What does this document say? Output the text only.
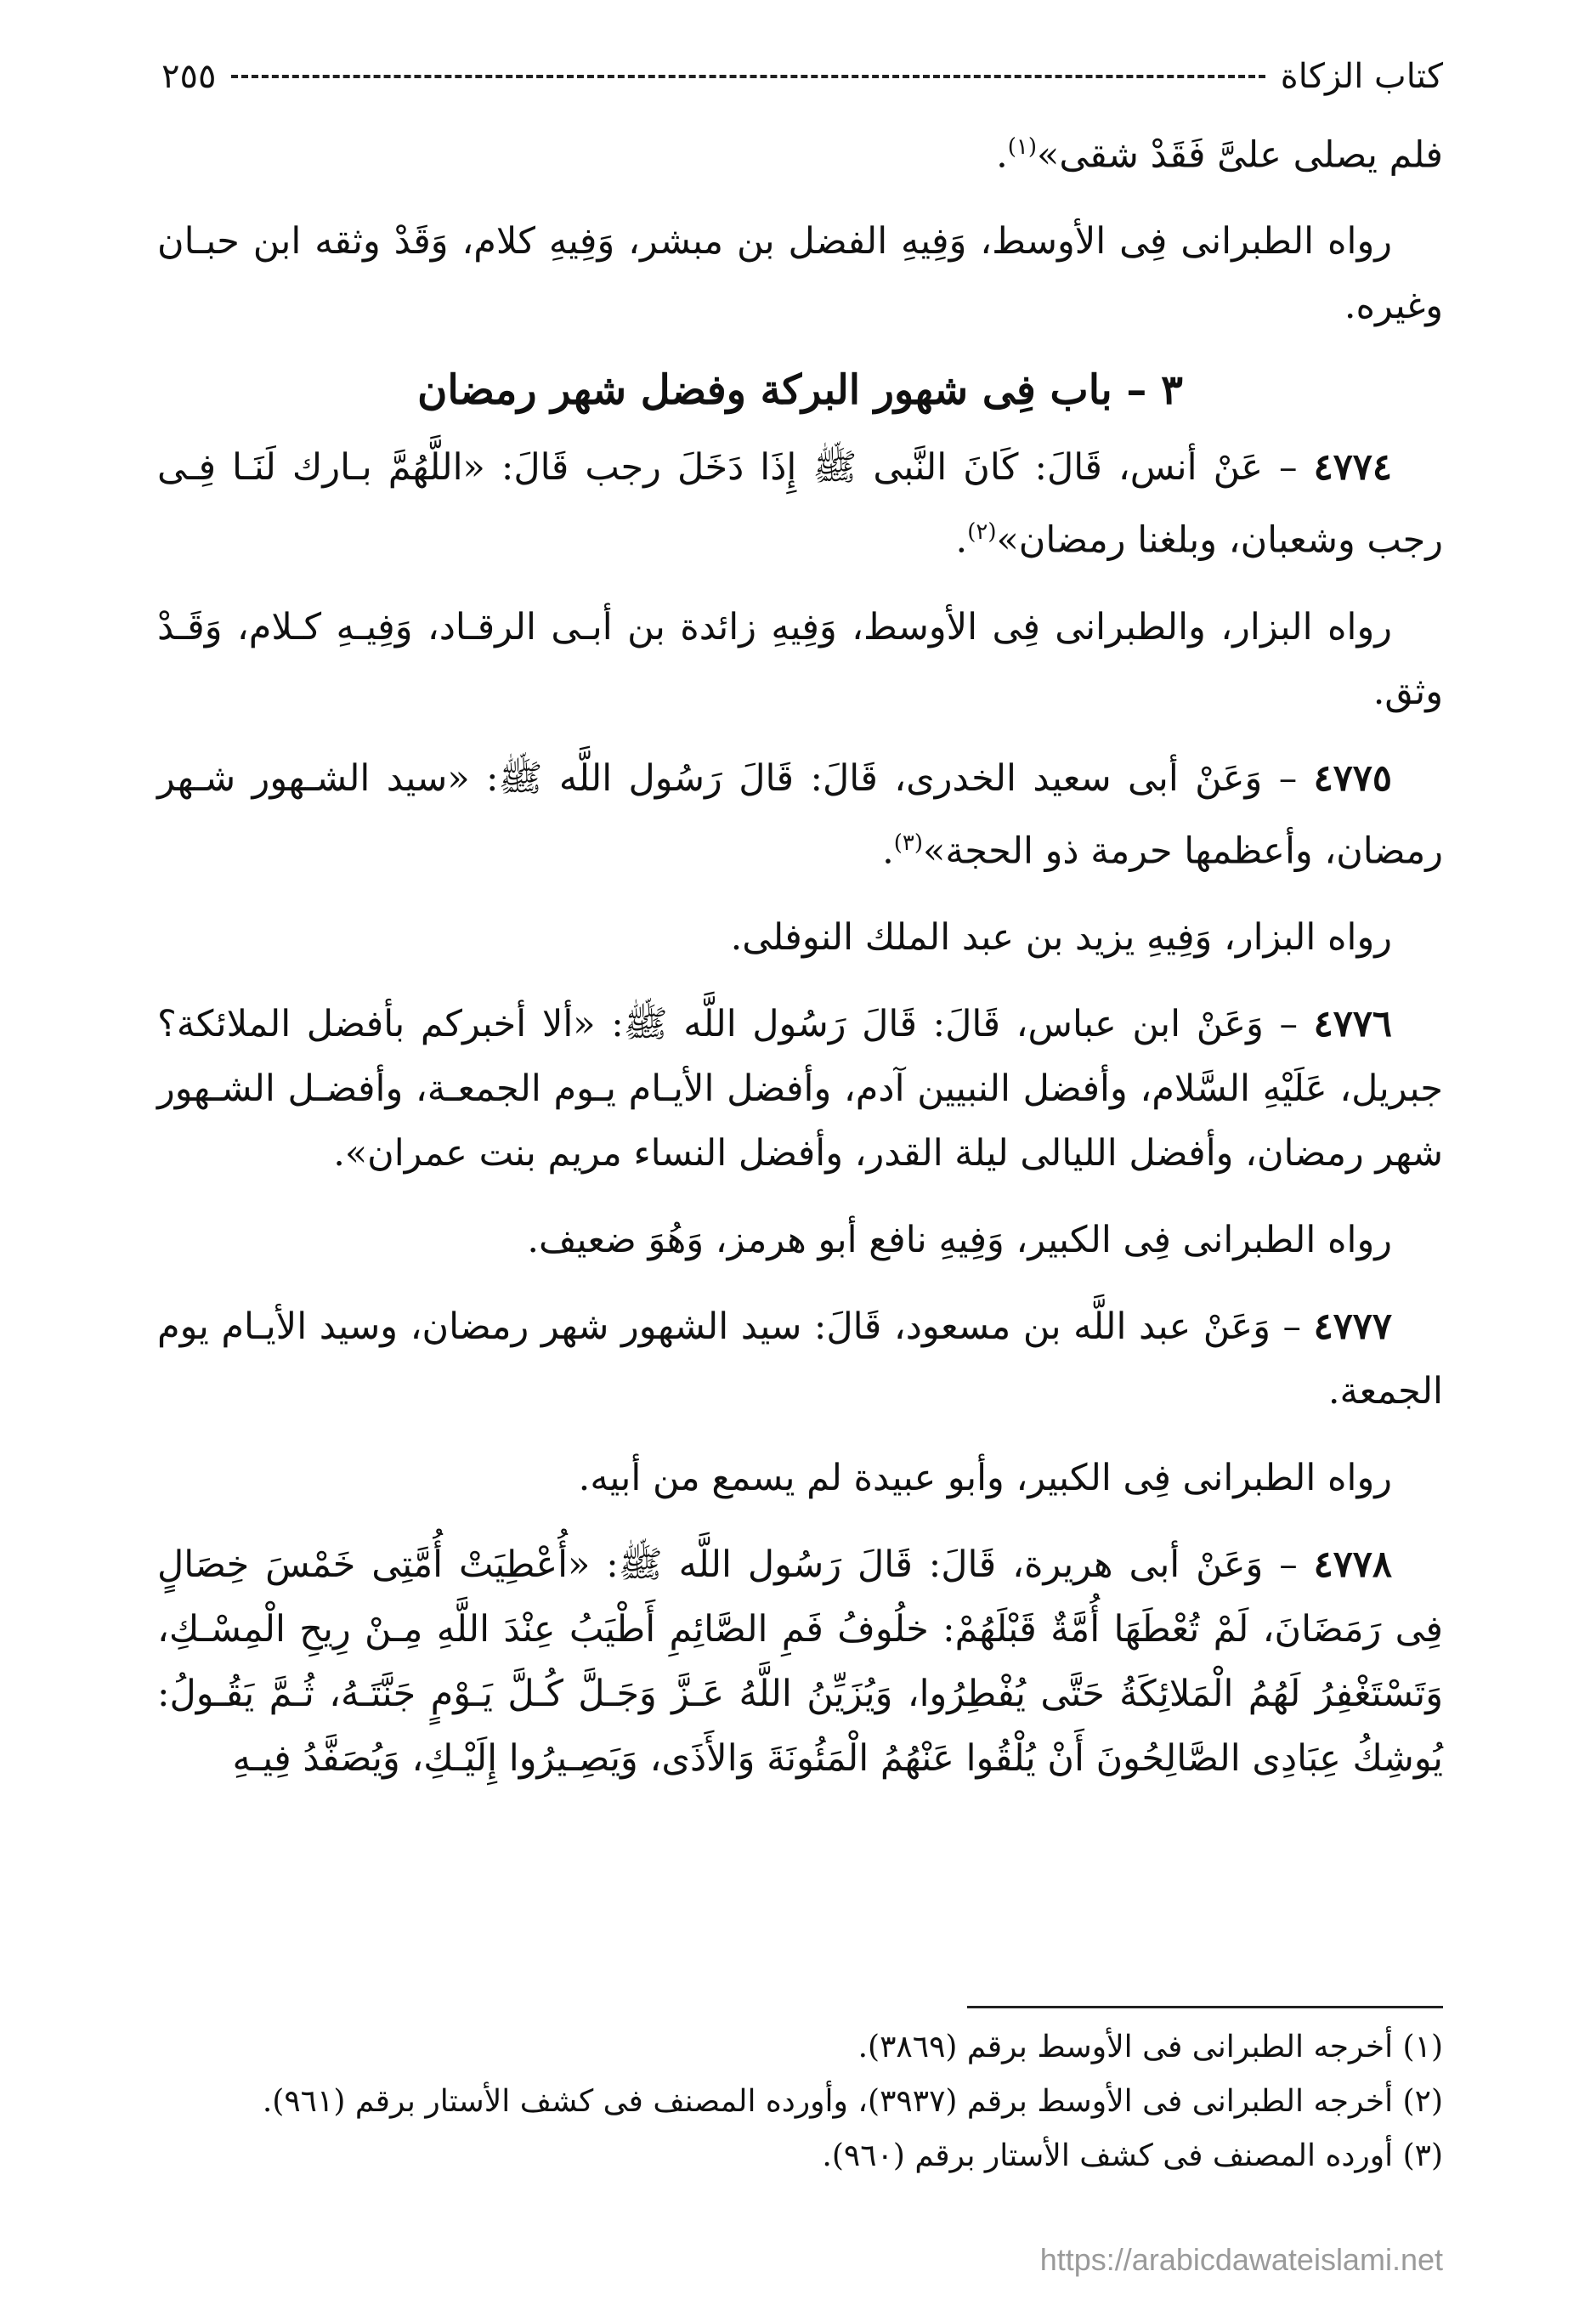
كتاب الزكاة
٢٥٥

فلم يصلى علىَّ فَقَدْ شقى»$^{(١)}$.

رواه الطبرانى فِى الأوسط، وَفِيهِ الفضل بن مبشر، وَفِيهِ كلام، وَقَدْ وثقه ابن حبـان وغيره.

٣ – باب فِى شهور البركة وفضل شهر رمضان

٤٧٧٤ – عَنْ أنس، قَالَ: كَانَ النَّبى ﷺ إِذَا دَخَلَ رجب قَالَ: «اللَّهُمَّ بـارك لَنَـا فِـى رجب وشعبان، وبلغنا رمضان»$^{(٢)}$.

رواه البزار، والطبرانى فِى الأوسط، وَفِيهِ زائدة بن أبـى الرقـاد، وَفِيـهِ كـلام، وَقَـدْ وثق.

٤٧٧٥ – وَعَنْ أبى سعيد الخدرى، قَالَ: قَالَ رَسُول اللَّه ﷺ: «سيد الشـهور شـهر رمضان، وأعظمها حرمة ذو الحجة»$^{(٣)}$.

رواه البزار، وَفِيهِ يزيد بن عبد الملك النوفلى.

٤٧٧٦ – وَعَنْ ابن عباس، قَالَ: قَالَ رَسُول اللَّه ﷺ: «ألا أخبركم بأفضل الملائكة؟ جبريل، عَلَيْهِ السَّلام، وأفضل النبيين آدم، وأفضل الأيـام يـوم الجمعـة، وأفضـل الشـهور شهر رمضان، وأفضل الليالى ليلة القدر، وأفضل النساء مريم بنت عمران».

رواه الطبرانى فِى الكبير، وَفِيهِ نافع أبو هرمز، وَهُوَ ضعيف.

٤٧٧٧ – وَعَنْ عبد اللَّه بن مسعود، قَالَ: سيد الشهور شهر رمضان، وسيد الأيـام يوم الجمعة.

رواه الطبرانى فِى الكبير، وأبو عبيدة لم يسمع من أبيه.

٤٧٧٨ – وَعَنْ أبى هريرة، قَالَ: قَالَ رَسُول اللَّه ﷺ: «أُعْطِيَتْ أُمَّتِى خَمْسَ خِصَالٍ فِى رَمَضَانَ، لَمْ تُعْطَهَا أُمَّةٌ قَبْلَهُمْ: خلُوفُ فَمِ الصَّائِمِ أَطْيَبُ عِنْدَ اللَّهِ مِـنْ رِيحِ الْمِسْـكِ، وَتَسْتَغْفِرُ لَهُمُ الْمَلائِكَةُ حَتَّى يُفْطِرُوا، وَيُزَيِّنُ اللَّهُ عَـزَّ وَجَـلَّ كُـلَّ يَـوْمٍ جَنَّتَـهُ، ثُـمَّ يَقُـولُ: يُوشِكُ عِبَادِى الصَّالِحُونَ أَنْ يُلْقُوا عَنْهُمُ الْمَئُونَةَ وَالأَذَى، وَيَصِـيرُوا إِلَيْـكِ، وَيُصَفَّدُ فِيـهِ

(١) أخرجه الطبرانى فى الأوسط برقم (٣٨٦٩).

(٢) أخرجه الطبرانى فى الأوسط برقم (٣٩٣٧)، وأورده المصنف فى كشف الأستار برقم (٩٦١).

(٣) أورده المصنف فى كشف الأستار برقم (٩٦٠).

https://arabicdawateislami.net
